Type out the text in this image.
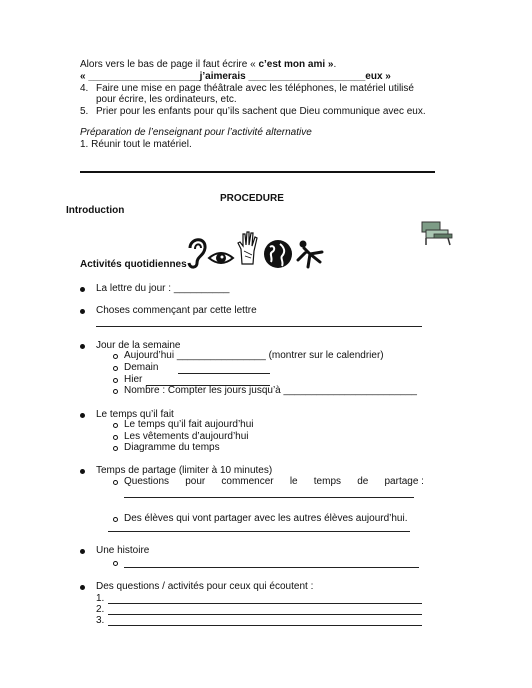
Alors vers le bas de page il faut écrire « c’est mon ami ».
« ____________________j’aimerais _____________________eux »
4. Faire une mise en page théâtrale avec les téléphones, le matériel utilisé
pour écrire, les ordinateurs, etc.
5. Prier pour les enfants pour qu’ils sachent que Dieu communique avec eux.
Préparation de l’enseignant pour l’activité alternative
1. Réunir tout le matériel.
PROCEDURE
Introduction
Activités quotidiennes
La lettre du jour : __________
Choses commençant par cette lettre
Jour de la semaine
Aujourd’hui ________________ (montrer sur le calendrier)
Demain
Hier
Nombre : Compter les jours jusqu’à ________________________
Le temps qu’il fait
Le temps qu’il fait aujourd’hui
Les vêtements d’aujourd’hui
Diagramme du temps
Temps de partage (limiter à 10 minutes)
Questions pour commencer le temps de partage :
Des élèves qui vont partager avec les autres élèves aujourd’hui.
Une histoire
Des questions / activités pour ceux qui écoutent :
1.
2.
3.
